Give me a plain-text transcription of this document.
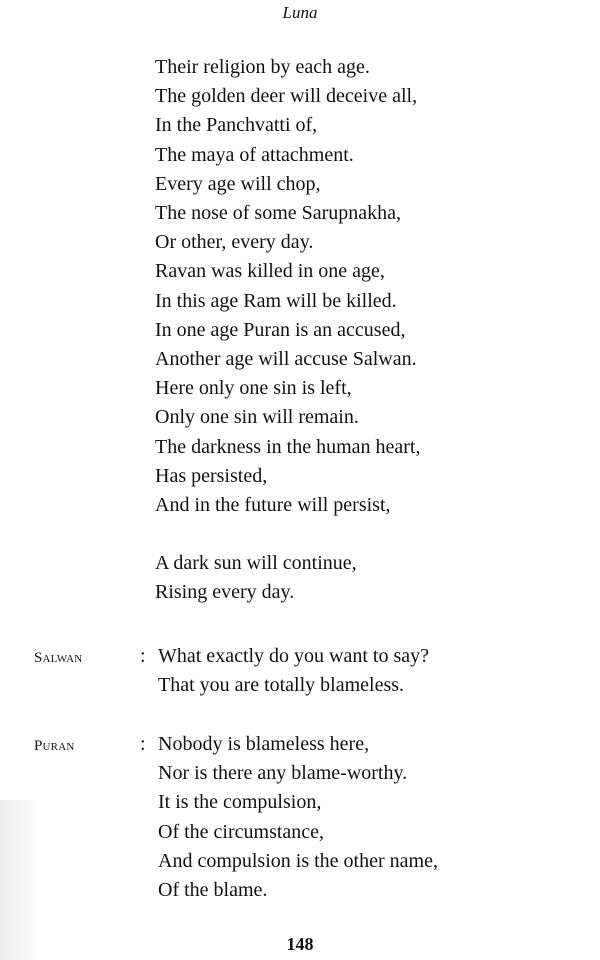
Luna
Their religion by each age.
The golden deer will deceive all,
In the Panchvatti of,
The maya of attachment.
Every age will chop,
The nose of some Sarupnakha,
Or other, every day.
Ravan was killed in one age,
In this age Ram will be killed.
In one age Puran is an accused,
Another age will accuse Salwan.
Here only one sin is left,
Only one sin will remain.
The darkness in the human heart,
Has persisted,
And in the future will persist,
A dark sun will continue,
Rising every day.
Salwan	: What exactly do you want to say?
That you are totally blameless.
Puran	: Nobody is blameless here,
Nor is there any blame-worthy.
It is the compulsion,
Of the circumstance,
And compulsion is the other name,
Of the blame.
148
